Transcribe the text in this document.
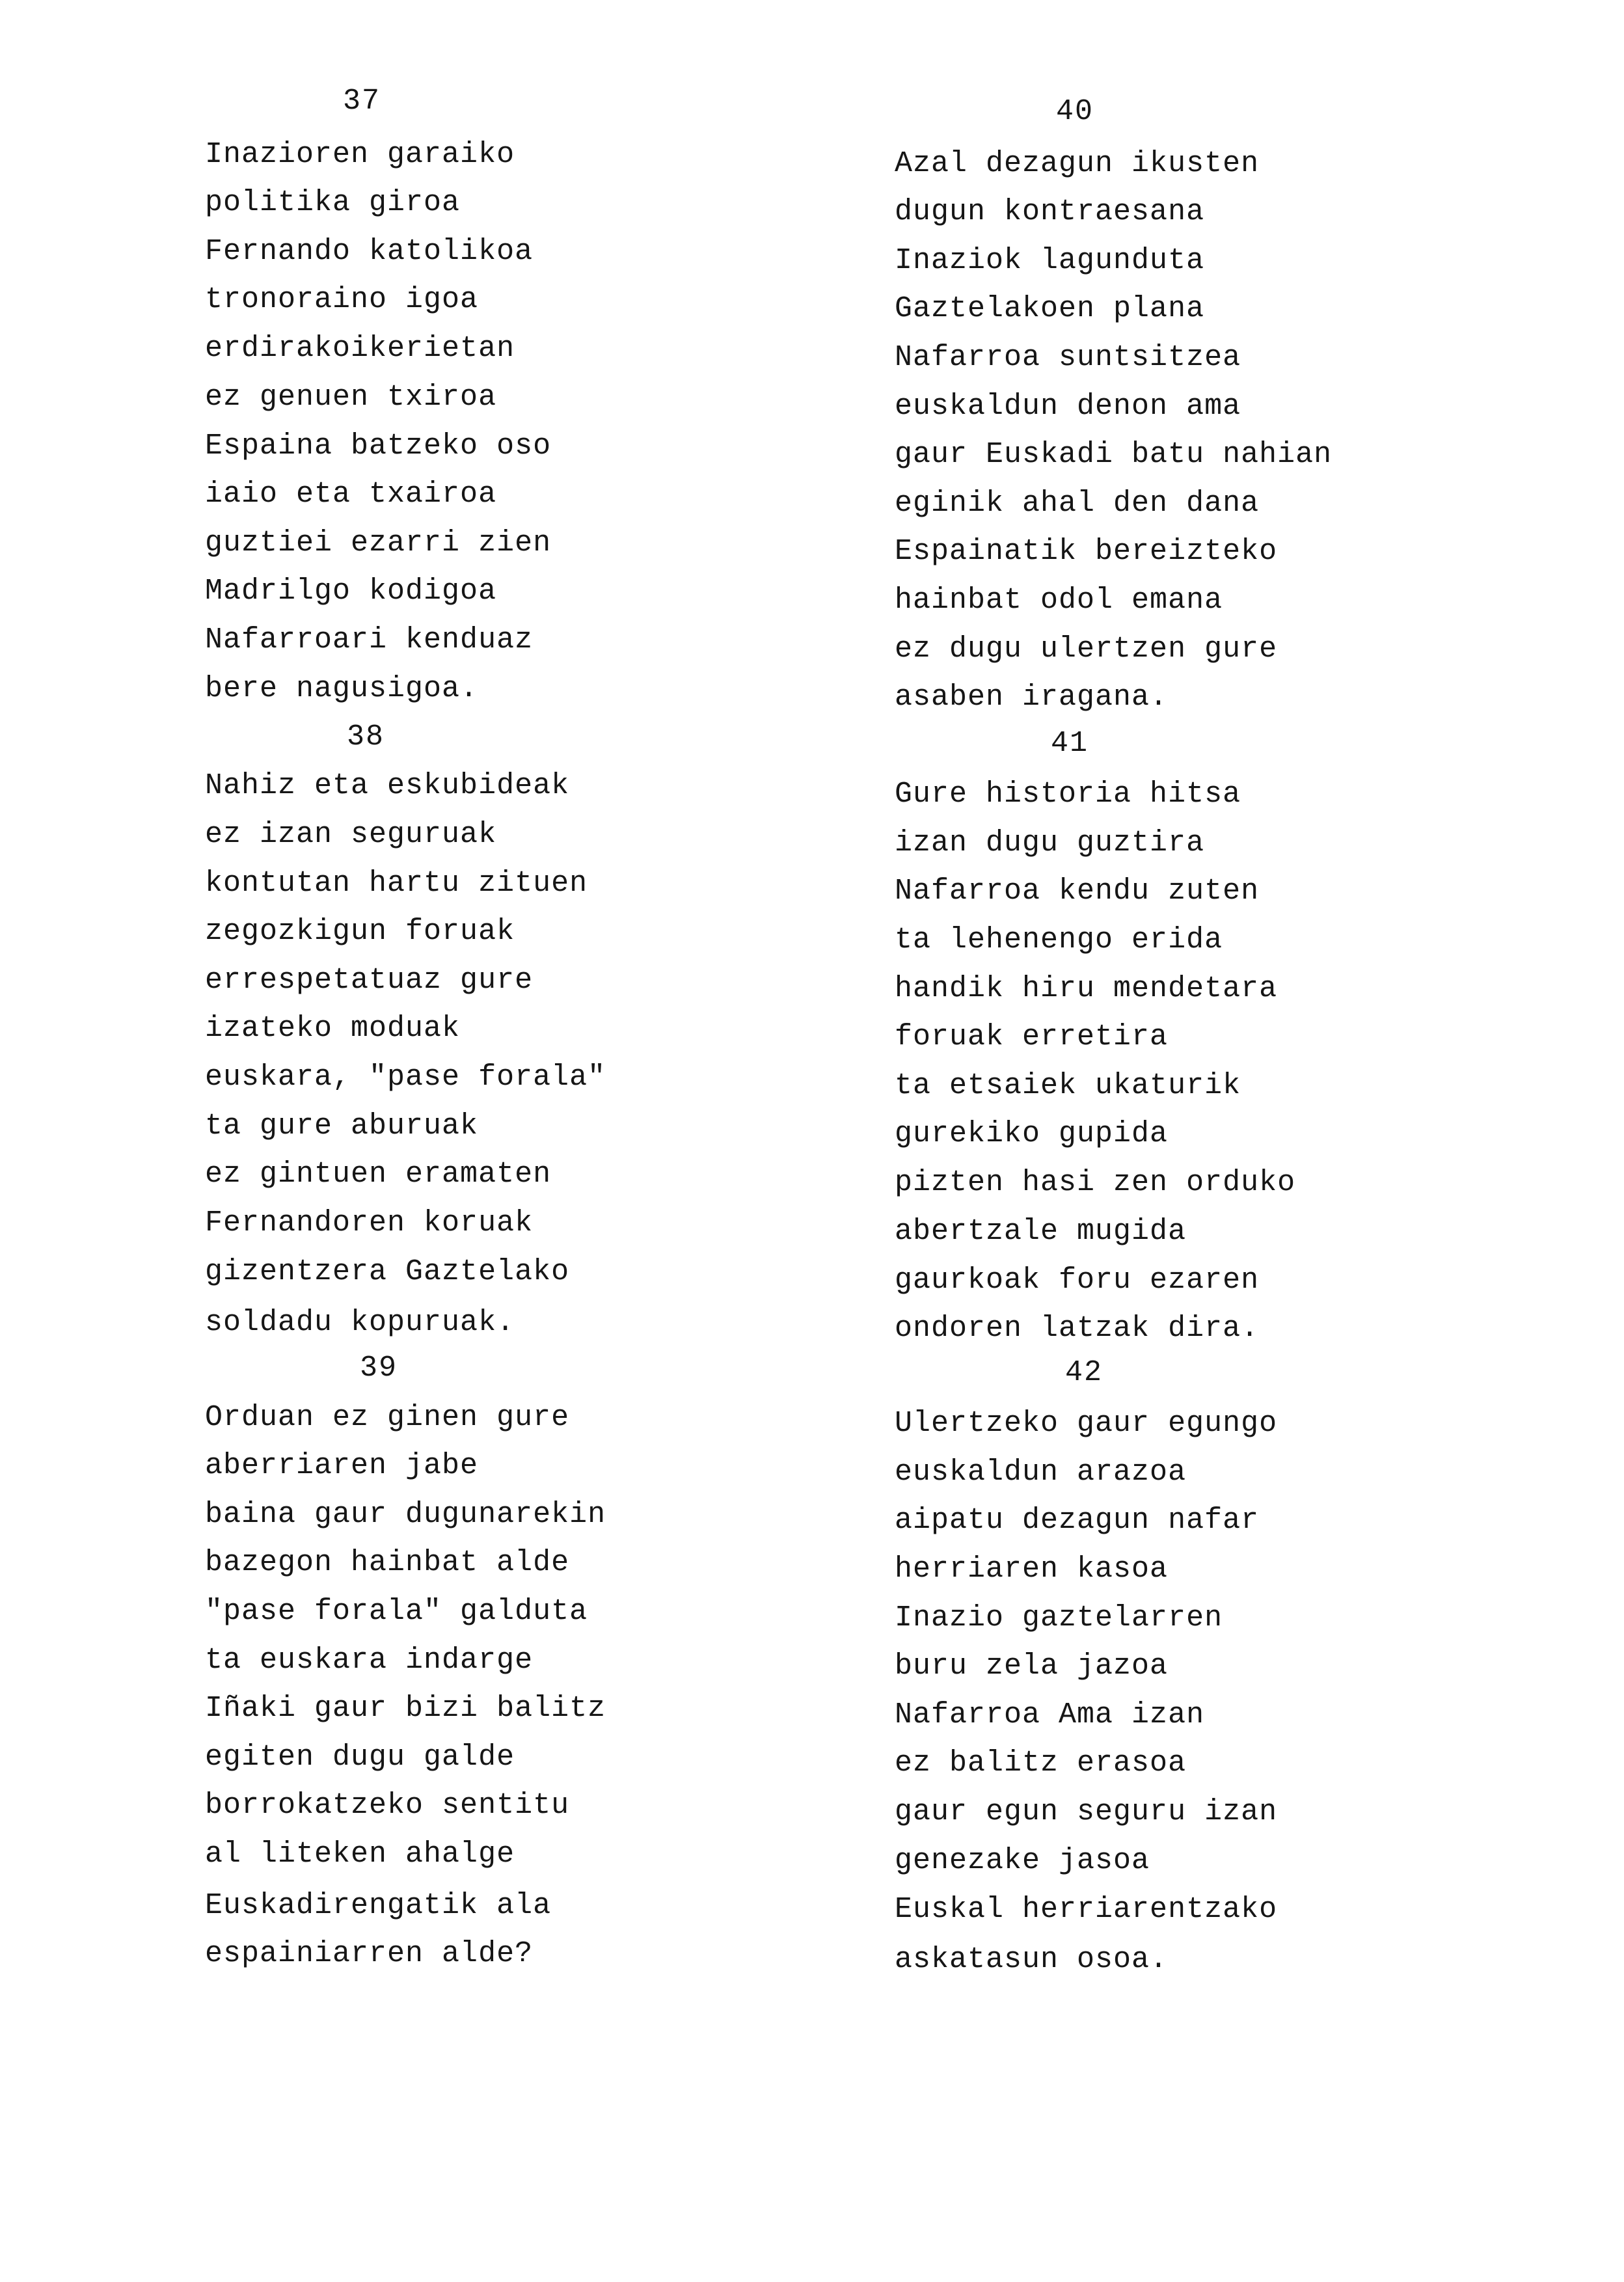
37
Inazioren garaiko
politika giroa
Fernando katolikoa
tronoraino igoa
erdirakoikerietan
ez genuen txiroa
Espaina batzeko oso
iaio eta txairoa
guztiei ezarri zien
Madrilgo kodigoa
Nafarroari kenduaz
bere nagusigoa.
38
Nahiz eta eskubideak
ez izan seguruak
kontutan hartu zituen
zegozkigun foruak
errespetatuaz gure
izateko moduak
euskara, "pase forala"
ta gure aburuak
ez gintuen eramaten
Fernandoren koruak
gizentzera Gaztelako
soldadu kopuruak.
39
Orduan ez ginen gure
aberriaren jabe
baina gaur dugunarekin
bazegon hainbat alde
"pase forala" galduta
ta euskara indarge
Iñaki gaur bizi balitz
egiten dugu galde
borrokatzeko sentitu
al liteken ahalge
Euskadirengatik ala
espainiarren alde?
40
Azal dezagun ikusten
dugun kontraesana
Inaziok lagunduta
Gaztelakoen plana
Nafarroa suntsitzea
euskaldun denon ama
gaur Euskadi batu nahian
eginik ahal den dana
Espainatik bereizteko
hainbat odol emana
ez dugu ulertzen gure
asaben iragana.
41
Gure historia hitsa
izan dugu guztira
Nafarroa kendu zuten
ta lehenengo erida
handik hiru mendetara
foruak erretira
ta etsaiek ukaturik
gurekiko gupida
pizten hasi zen orduko
abertzale mugida
gaurkoak foru ezaren
ondoren latzak dira.
42
Ulertzeko gaur egungo
euskaldun arazoa
aipatu dezagun nafar
herriaren kasoa
Inazio gaztelarren
buru zela jazoa
Nafarroa Ama izan
ez balitz erasoa
gaur egun seguru izan
genezake jasoa
Euskal herriarentzako
askatasun osoa.
